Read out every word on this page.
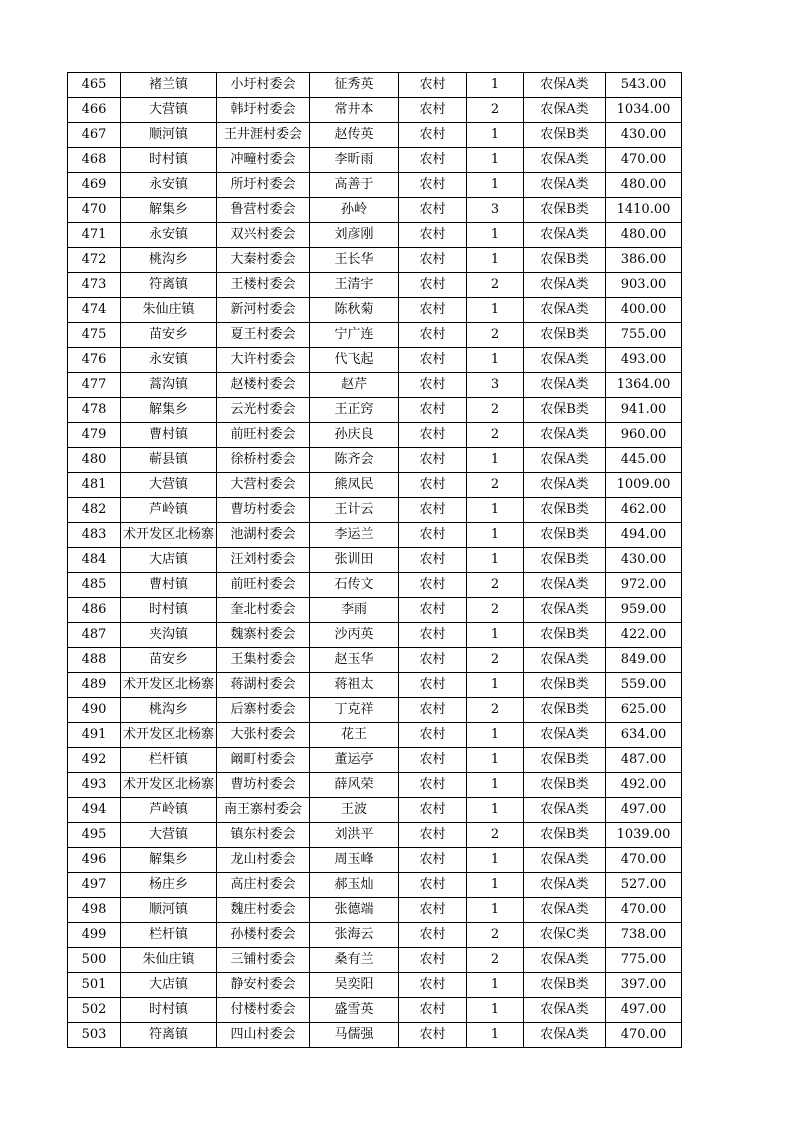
465	褚兰镇	小圩村委会	征秀英	农村	1	农保A类	543.00
466	大营镇	韩圩村委会	常井本	农村	2	农保A类	1034.00
467	顺河镇	王井涯村委会	赵传英	农村	1	农保B类	430.00
468	时村镇	冲疃村委会	李昕雨	农村	1	农保A类	470.00
469	永安镇	所圩村委会	高善于	农村	1	农保A类	480.00
470	解集乡	鲁营村委会	孙岭	农村	3	农保B类	1410.00
471	永安镇	双兴村委会	刘彦刚	农村	1	农保A类	480.00
472	桃沟乡	大秦村委会	王长华	农村	1	农保B类	386.00
473	符离镇	王楼村委会	王清宇	农村	2	农保A类	903.00
474	朱仙庄镇	新河村委会	陈秋菊	农村	1	农保A类	400.00
475	苗安乡	夏王村委会	宁广连	农村	2	农保B类	755.00
476	永安镇	大许村委会	代飞起	农村	1	农保A类	493.00
477	蒿沟镇	赵楼村委会	赵芹	农村	3	农保A类	1364.00
478	解集乡	云光村委会	王正窍	农村	2	农保B类	941.00
479	曹村镇	前旺村委会	孙庆良	农村	2	农保A类	960.00
480	蕲县镇	徐桥村委会	陈齐会	农村	1	农保A类	445.00
481	大营镇	大营村委会	熊凤民	农村	2	农保A类	1009.00
482	芦岭镇	曹坊村委会	王计云	农村	1	农保B类	462.00
483	术开发区北杨寨	池湖村委会	李运兰	农村	1	农保B类	494.00
484	大店镇	汪刘村委会	张训田	农村	1	农保B类	430.00
485	曹村镇	前旺村委会	石传文	农村	2	农保A类	972.00
486	时村镇	奎北村委会	李雨	农村	2	农保A类	959.00
487	夹沟镇	魏寨村委会	沙丙英	农村	1	农保B类	422.00
488	苗安乡	王集村委会	赵玉华	农村	2	农保A类	849.00
489	术开发区北杨寨	蒋湖村委会	蒋祖太	农村	1	农保B类	559.00
490	桃沟乡	后寨村委会	丁克祥	农村	2	农保B类	625.00
491	术开发区北杨寨	大张村委会	花王	农村	1	农保A类	634.00
492	栏杆镇	阚町村委会	董运亭	农村	1	农保B类	487.00
493	术开发区北杨寨	曹坊村委会	薛风荣	农村	1	农保B类	492.00
494	芦岭镇	南王寨村委会	王波	农村	1	农保A类	497.00
495	大营镇	镇东村委会	刘洪平	农村	2	农保B类	1039.00
496	解集乡	龙山村委会	周玉峰	农村	1	农保A类	470.00
497	杨庄乡	高庄村委会	郝玉灿	农村	1	农保A类	527.00
498	顺河镇	魏庄村委会	张德端	农村	1	农保A类	470.00
499	栏杆镇	孙楼村委会	张海云	农村	2	农保C类	738.00
500	朱仙庄镇	三铺村委会	桑有兰	农村	2	农保A类	775.00
501	大店镇	静安村委会	吴奕阳	农村	1	农保B类	397.00
502	时村镇	付楼村委会	盛雪英	农村	1	农保A类	497.00
503	符离镇	四山村委会	马儒强	农村	1	农保A类	470.00
